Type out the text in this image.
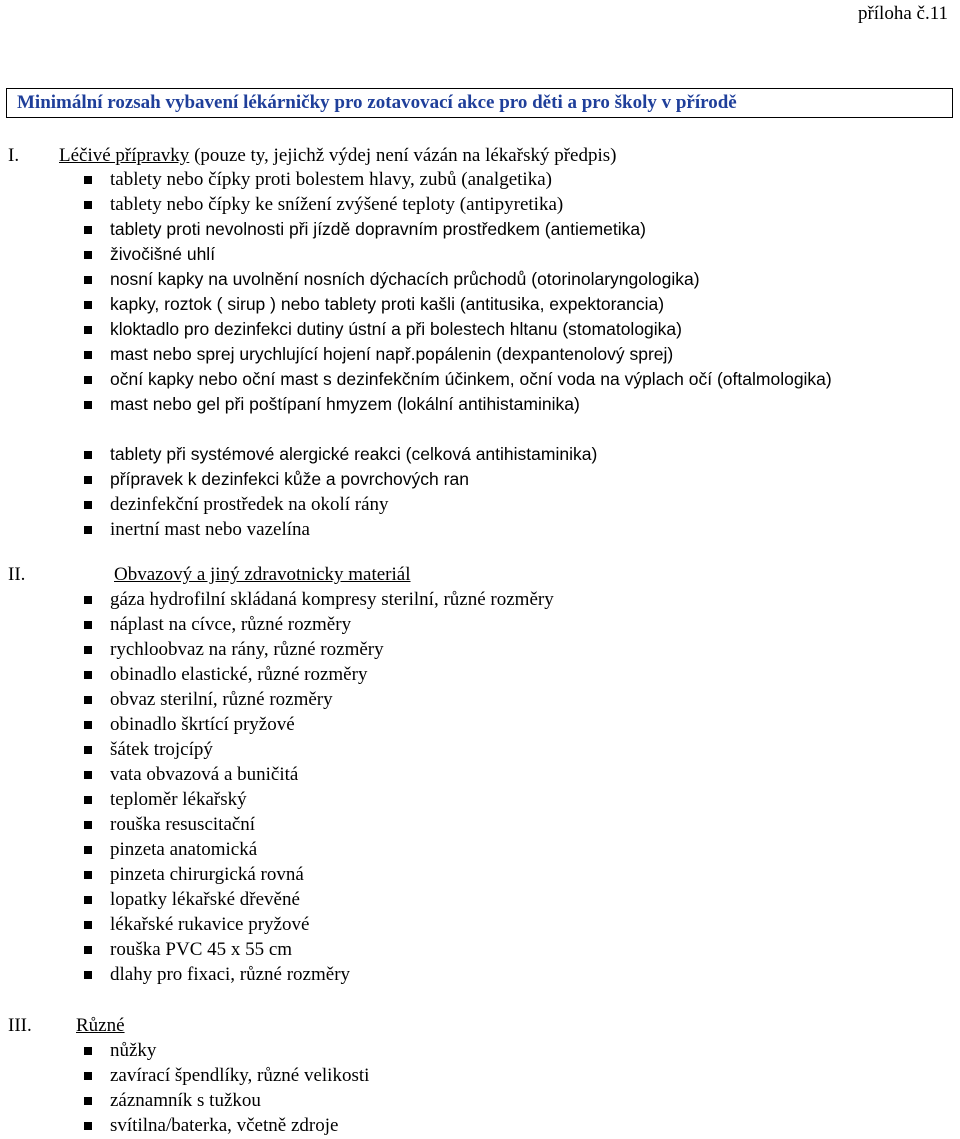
příloha č.11
Minimální rozsah vybavení lékárničky pro zotavovací akce pro děti a pro školy v přírodě
I. Léčivé přípravky (pouze ty, jejichž výdej není vázán na lékařský předpis)
tablety nebo čípky proti bolestem hlavy, zubů (analgetika)
tablety nebo čípky ke snížení zvýšené teploty (antipyretika)
tablety proti nevolnosti při jízdě dopravním prostředkem (antiemetika)
živočišné uhlí
nosní kapky na uvolnění nosních dýchacích průchodů (otorinolaryngologika)
kapky, roztok ( sirup ) nebo tablety proti kašli (antitusika, expektorancia)
kloktadlo pro dezinfekci dutiny ústní a při bolestech hltanu (stomatologika)
mast nebo sprej urychlující hojení např.popálenin (dexpantenolový sprej)
oční kapky nebo oční mast s dezinfekčním účinkem, oční voda na výplach očí (oftalmologika)
mast nebo gel při poštípaní hmyzem (lokální antihistaminika)
tablety při systémové alergické reakci (celková antihistaminika)
přípravek k dezinfekci kůže a povrchových ran
dezinfekční prostředek na okolí rány
inertní mast nebo vazelína
II.	Obvazový a jiný zdravotnicky materiál
gáza hydrofilní skládaná kompresy sterilní, různé rozměry
náplast na cívce, různé rozměry
rychloobvaz na rány, různé rozměry
obinadlo elastické, různé rozměry
obvaz sterilní, různé rozměry
obinadlo škrtící pryžové
šátek trojcípý
vata obvazová a buničitá
teploměr lékařský
rouška resuscitační
pinzeta anatomická
pinzeta chirurgická rovná
lopatky lékařské dřevěné
lékařské rukavice pryžové
rouška PVC 45 x 55 cm
dlahy pro fixaci, různé rozměry
III. Různé
nůžky
zavírací špendlíky, různé velikosti
záznamník s tužkou
svítilna/baterka, včetně zdroje
